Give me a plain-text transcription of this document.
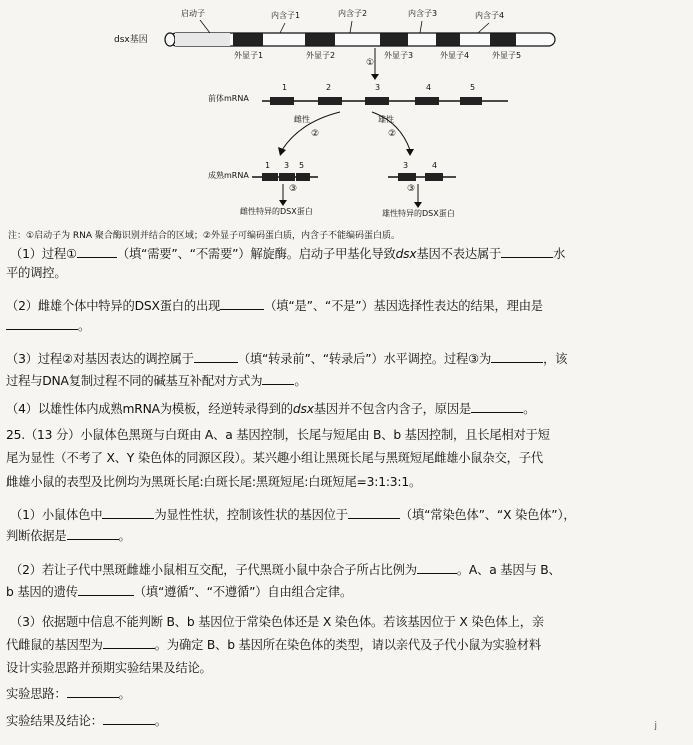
dsx基因
启动子	内含子1	内含子2	内含子3	内含子4
外显子1	外显子2	外显子3	外显子4	外显子5
①
前体mRNA
1	2	3	4	5
雌性	雄性
②	②
成熟mRNA
1 3 5	3	4
③	③
雌性特异的DSX蛋白	雄性特异的DSX蛋白
注：①启动子为 RNA 聚合酶识别并结合的区域；②外显子可编码蛋白质，内含子不能编码蛋白质。
（1）过程①	（填“需要”、“不需要”）解旋酶。启动子甲基化导致dsx基因不表达属于	水
平的调控。
（2）雌雄个体中特异的DSX蛋白的出现	（填“是”、“不是”）基因选择性表达的结果，理由是
。
（3）过程②对基因表达的调控属于	（填“转录前”、“转录后”）水平调控。过程③为	，该
过程与DNA复制过程不同的碱基互补配对方式为	。
（4）以雄性体内成熟mRNA为模板，经逆转录得到的dsx基因并不包含内含子，原因是	。
25.（13 分）小鼠体色黑斑与白斑由 A、a 基因控制，长尾与短尾由 B、b 基因控制，且长尾相对于短
尾为显性（不考了 X、Y 染色体的同源区段）。某兴趣小组让黑斑长尾与黑斑短尾雌雄小鼠杂交，子代
雌雄小鼠的表型及比例均为黑斑长尾:白斑长尾:黑斑短尾:白斑短尾=3:1:3:1。
（1）小鼠体色中	为显性性状，控制该性状的基因位于	（填“常染色体”、“X 染色体”），
判断依据是	。
（2）若让子代中黑斑雌雄小鼠相互交配，子代黑斑小鼠中杂合子所占比例为	。A、a 基因与 B、
b 基因的遗传	（填“遵循”、“不遵循”）自由组合定律。
（3）依据题中信息不能判断 B、b 基因位于常染色体还是 X 染色体。若该基因位于 X 染色体上，亲
代雌鼠的基因型为	。为确定 B、b 基因所在染色体的类型，请以亲代及子代小鼠为实验材料
设计实验思路并预期实验结果及结论。
实验思路：	。
实验结果及结论：	。	j
